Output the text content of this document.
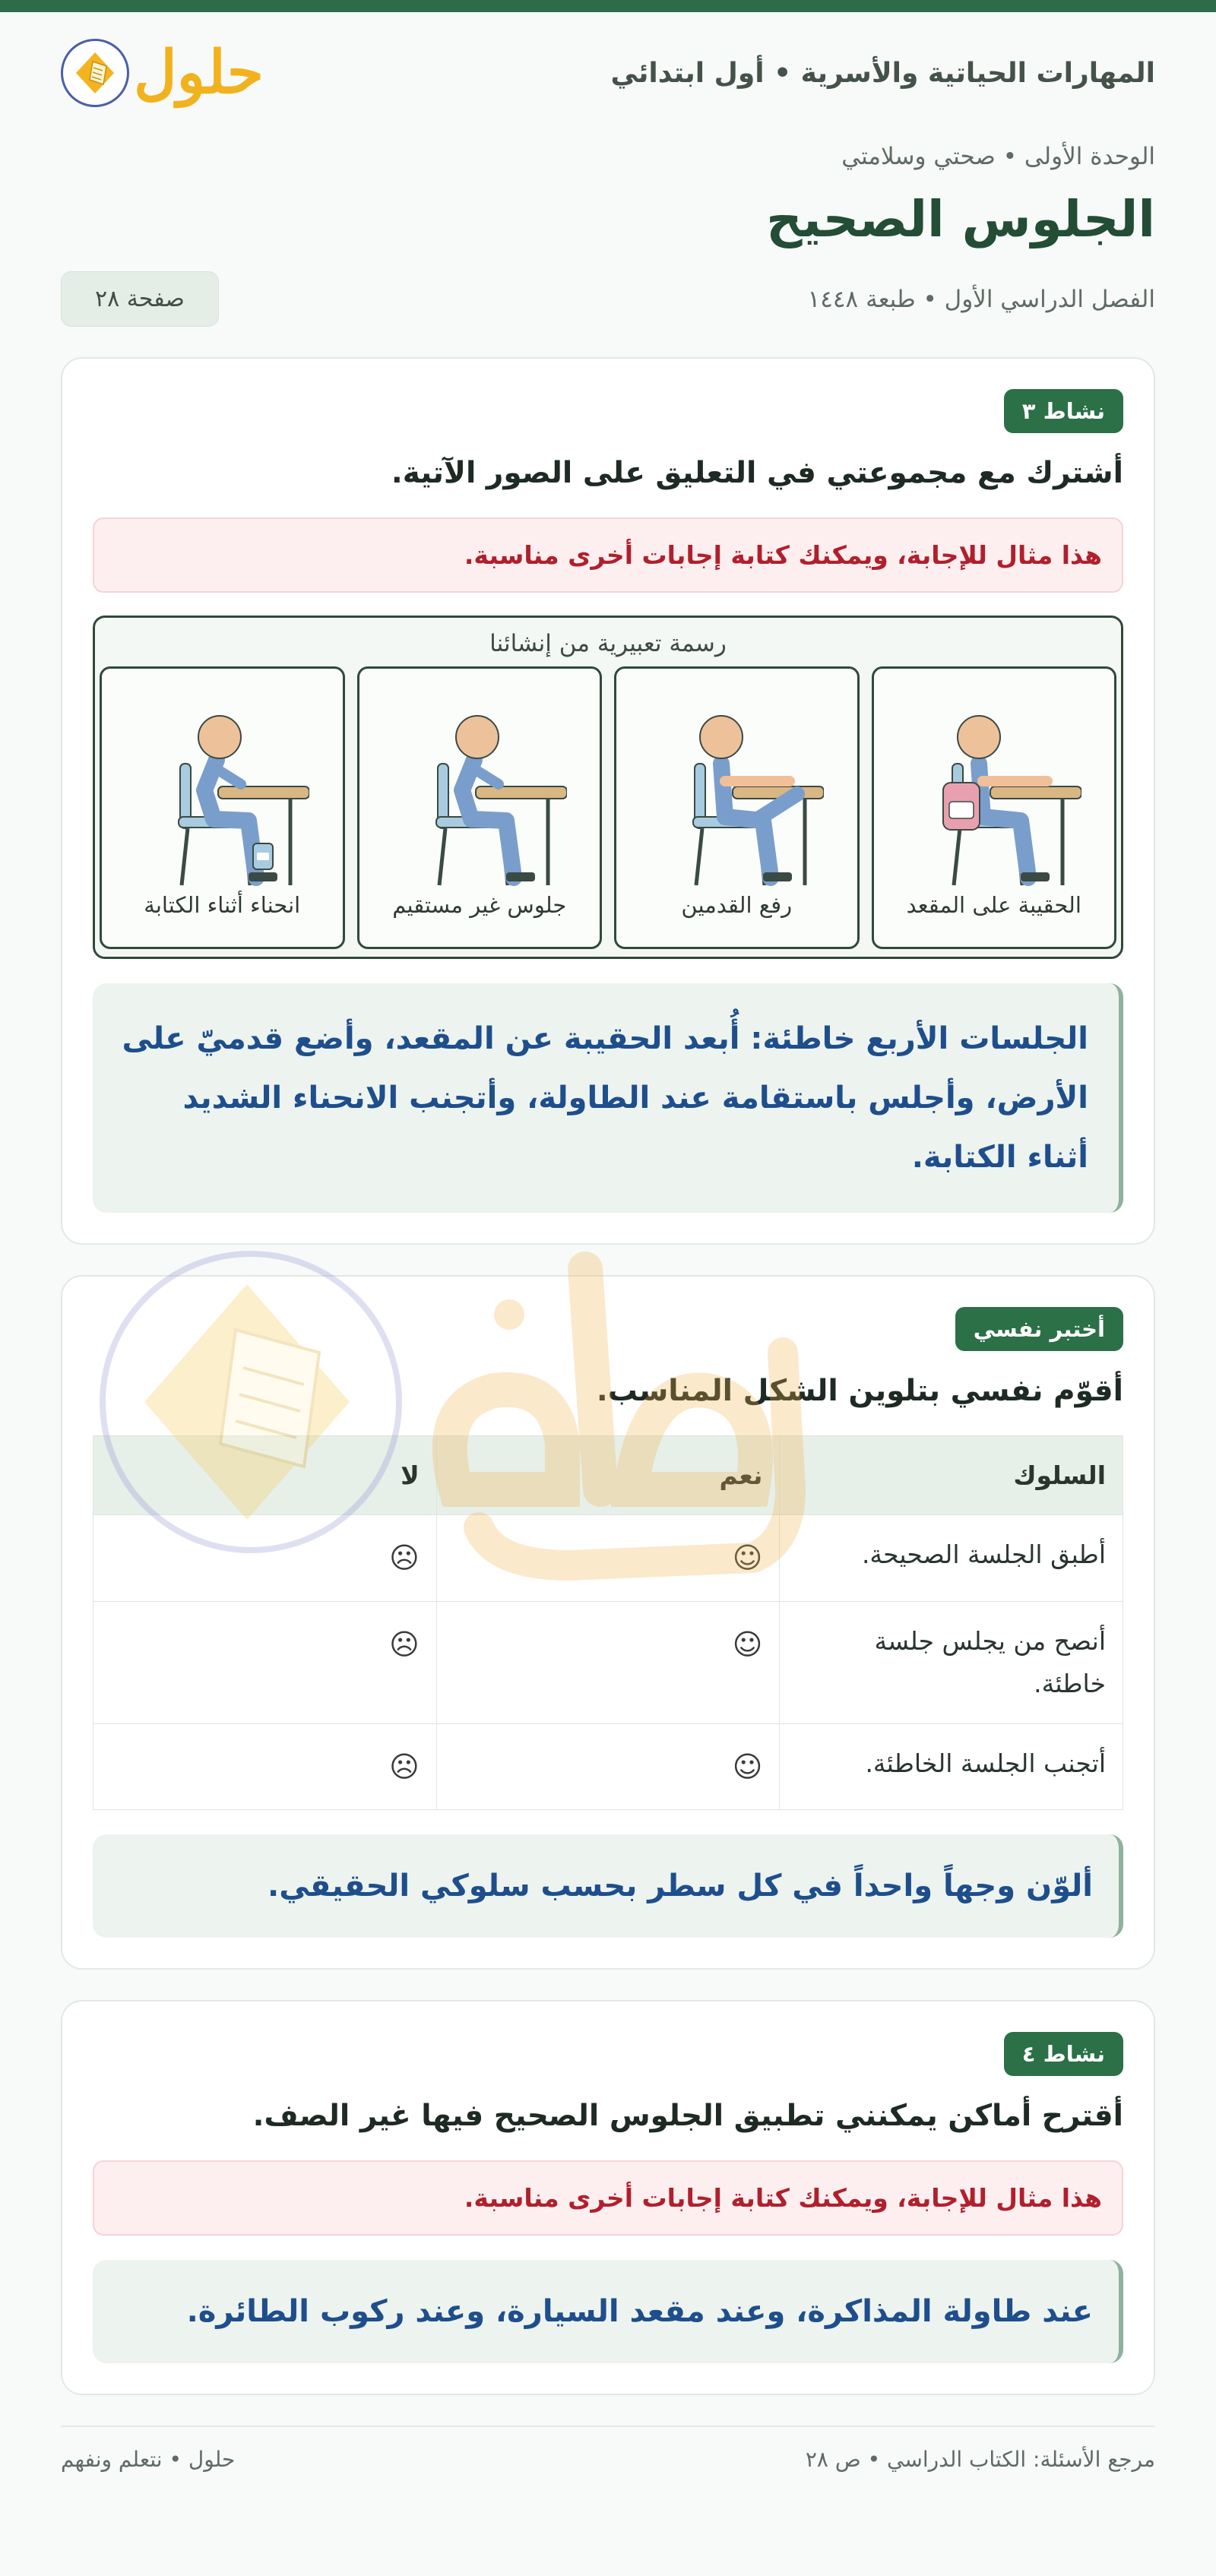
المهارات الحياتية والأسرية • أول ابتدائي
حلول
الوحدة الأولى • صحتي وسلامتي
الجلوس الصحيح
الفصل الدراسي الأول • طبعة ١٤٤٨
صفحة ٢٨
نشاط ٣
أشترك مع مجموعتي في التعليق على الصور الآتية.
هذا مثال للإجابة، ويمكنك كتابة إجابات أخرى مناسبة.
رسمة تعبيرية من إنشائنا
الحقيبة على المقعد
رفع القدمين
جلوس غير مستقيم
انحناء أثناء الكتابة
الجلسات الأربع خاطئة: أُبعد الحقيبة عن المقعد، وأضع قدميّ على الأرض، وأجلس باستقامة عند الطاولة، وأتجنب الانحناء الشديد أثناء الكتابة.
أختبر نفسي
أقوّم نفسي بتلوين الشكل المناسب.
السلوك	نعم	لا
أطبق الجلسة الصحيحة.	☺	☹
أنصح من يجلس جلسة خاطئة.	☺	☹
أتجنب الجلسة الخاطئة.	☺	☹
ألوّن وجهاً واحداً في كل سطر بحسب سلوكي الحقيقي.
نشاط ٤
أقترح أماكن يمكنني تطبيق الجلوس الصحيح فيها غير الصف.
هذا مثال للإجابة، ويمكنك كتابة إجابات أخرى مناسبة.
عند طاولة المذاكرة، وعند مقعد السيارة، وعند ركوب الطائرة.
مرجع الأسئلة: الكتاب الدراسي • ص ٢٨
حلول • نتعلم ونفهم
